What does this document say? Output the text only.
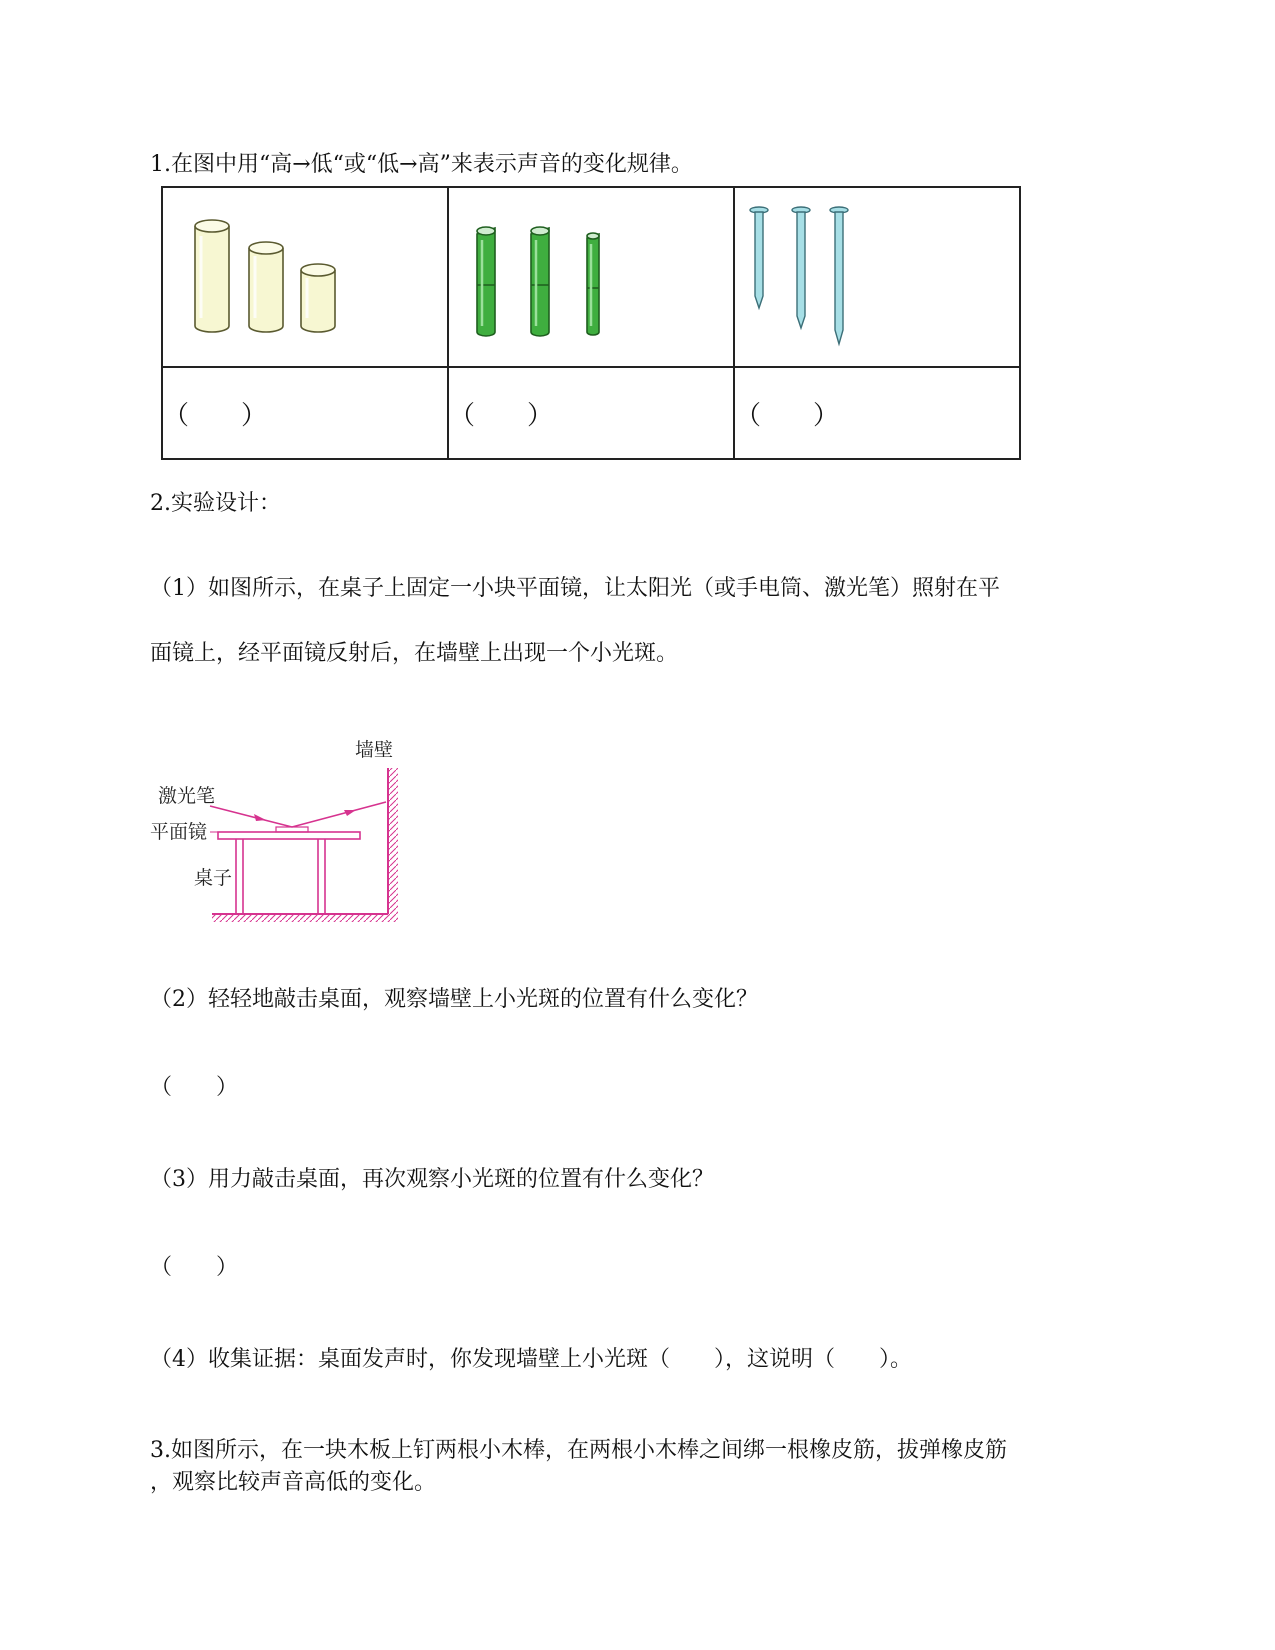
1.在图中用“高→低“或“低→高”来表示声音的变化规律。

（　　）	（　　）	（　　）
2.实验设计：
（1）如图所示，在桌子上固定一小块平面镜，让太阳光（或手电筒、激光笔）照射在平
面镜上，经平面镜反射后，在墙壁上出现一个小光斑。
墙壁
激光笔
平面镜
桌子
（2）轻轻地敲击桌面，观察墙壁上小光斑的位置有什么变化？
（　　）
（3）用力敲击桌面，再次观察小光斑的位置有什么变化？
（　　）
（4）收集证据：桌面发声时，你发现墙壁上小光斑（　　），这说明（　　）。
3.如图所示，在一块木板上钉两根小木棒，在两根小木棒之间绑一根橡皮筋，拔弹橡皮筋
，观察比较声音高低的变化。
